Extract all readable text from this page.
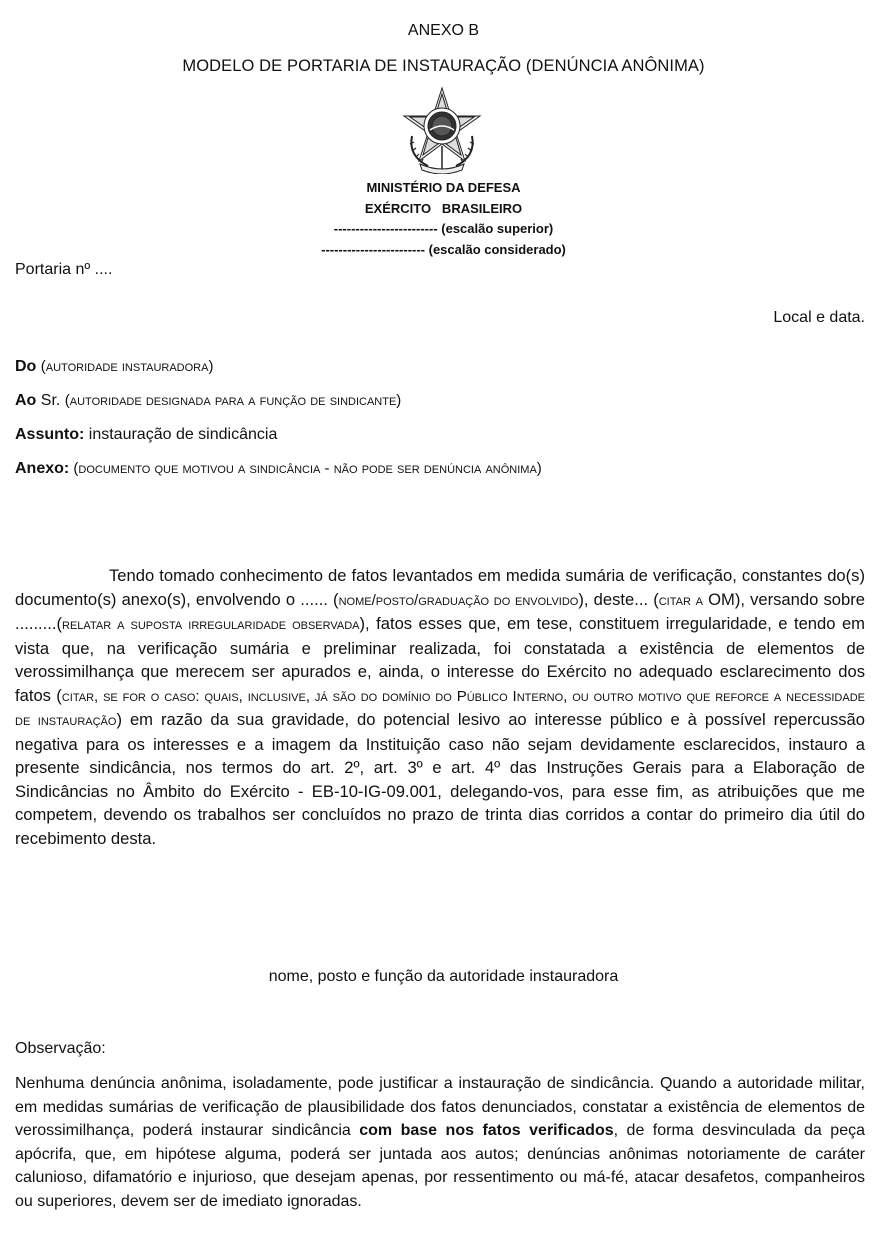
ANEXO B
MODELO DE PORTARIA DE INSTAURAÇÃO (DENÚNCIA ANÔNIMA)
MINISTÉRIO DA DEFESA
EXÉRCITO   BRASILEIRO
------------------------ (escalão superior)
------------------------ (escalão considerado)
Portaria nº ....
Local e data.
Do (autoridade instauradora)
Ao Sr. (autoridade designada para a função de sindicante)
Assunto: instauração de sindicância
Anexo: (documento que motivou a sindicância - não pode ser denúncia anônima)
Tendo tomado conhecimento de fatos levantados em medida sumária de verificação, constantes do(s) documento(s) anexo(s), envolvendo o ...... (nome/posto/graduação do envolvido), deste... (citar a OM), versando sobre .........(relatar a suposta irregularidade observada), fatos esses que, em tese, constituem irregularidade, e tendo em vista que, na verificação sumária e preliminar realizada, foi constatada a existência de elementos de verossimilhança que merecem ser apurados e, ainda, o interesse do Exército no adequado esclarecimento dos fatos (citar, se for o caso: quais, inclusive, já são do domínio do Público Interno, ou outro motivo que reforce a necessidade de instauração) em razão da sua gravidade, do potencial lesivo ao interesse público e à possível repercussão negativa para os interesses e a imagem da Instituição caso não sejam devidamente esclarecidos, instauro a presente sindicância, nos termos do art. 2º, art. 3º e art. 4º das Instruções Gerais para a Elaboração de Sindicâncias no Âmbito do Exército - EB-10-IG-09.001, delegando-vos, para esse fim, as atribuições que me competem, devendo os trabalhos ser concluídos no prazo de trinta dias corridos a contar do primeiro dia útil do recebimento desta.
nome, posto e função da autoridade instauradora
Observação:
Nenhuma denúncia anônima, isoladamente, pode justificar a instauração de sindicância. Quando a autoridade militar, em medidas sumárias de verificação de plausibilidade dos fatos denunciados, constatar a existência de elementos de verossimilhança, poderá instaurar sindicância com base nos fatos verificados, de forma desvinculada da peça apócrifa, que, em hipótese alguma, poderá ser juntada aos autos; denúncias anônimas notoriamente de caráter calunioso, difamatório e injurioso, que desejam apenas, por ressentimento ou má-fé, atacar desafetos, companheiros ou superiores, devem ser de imediato ignoradas.
